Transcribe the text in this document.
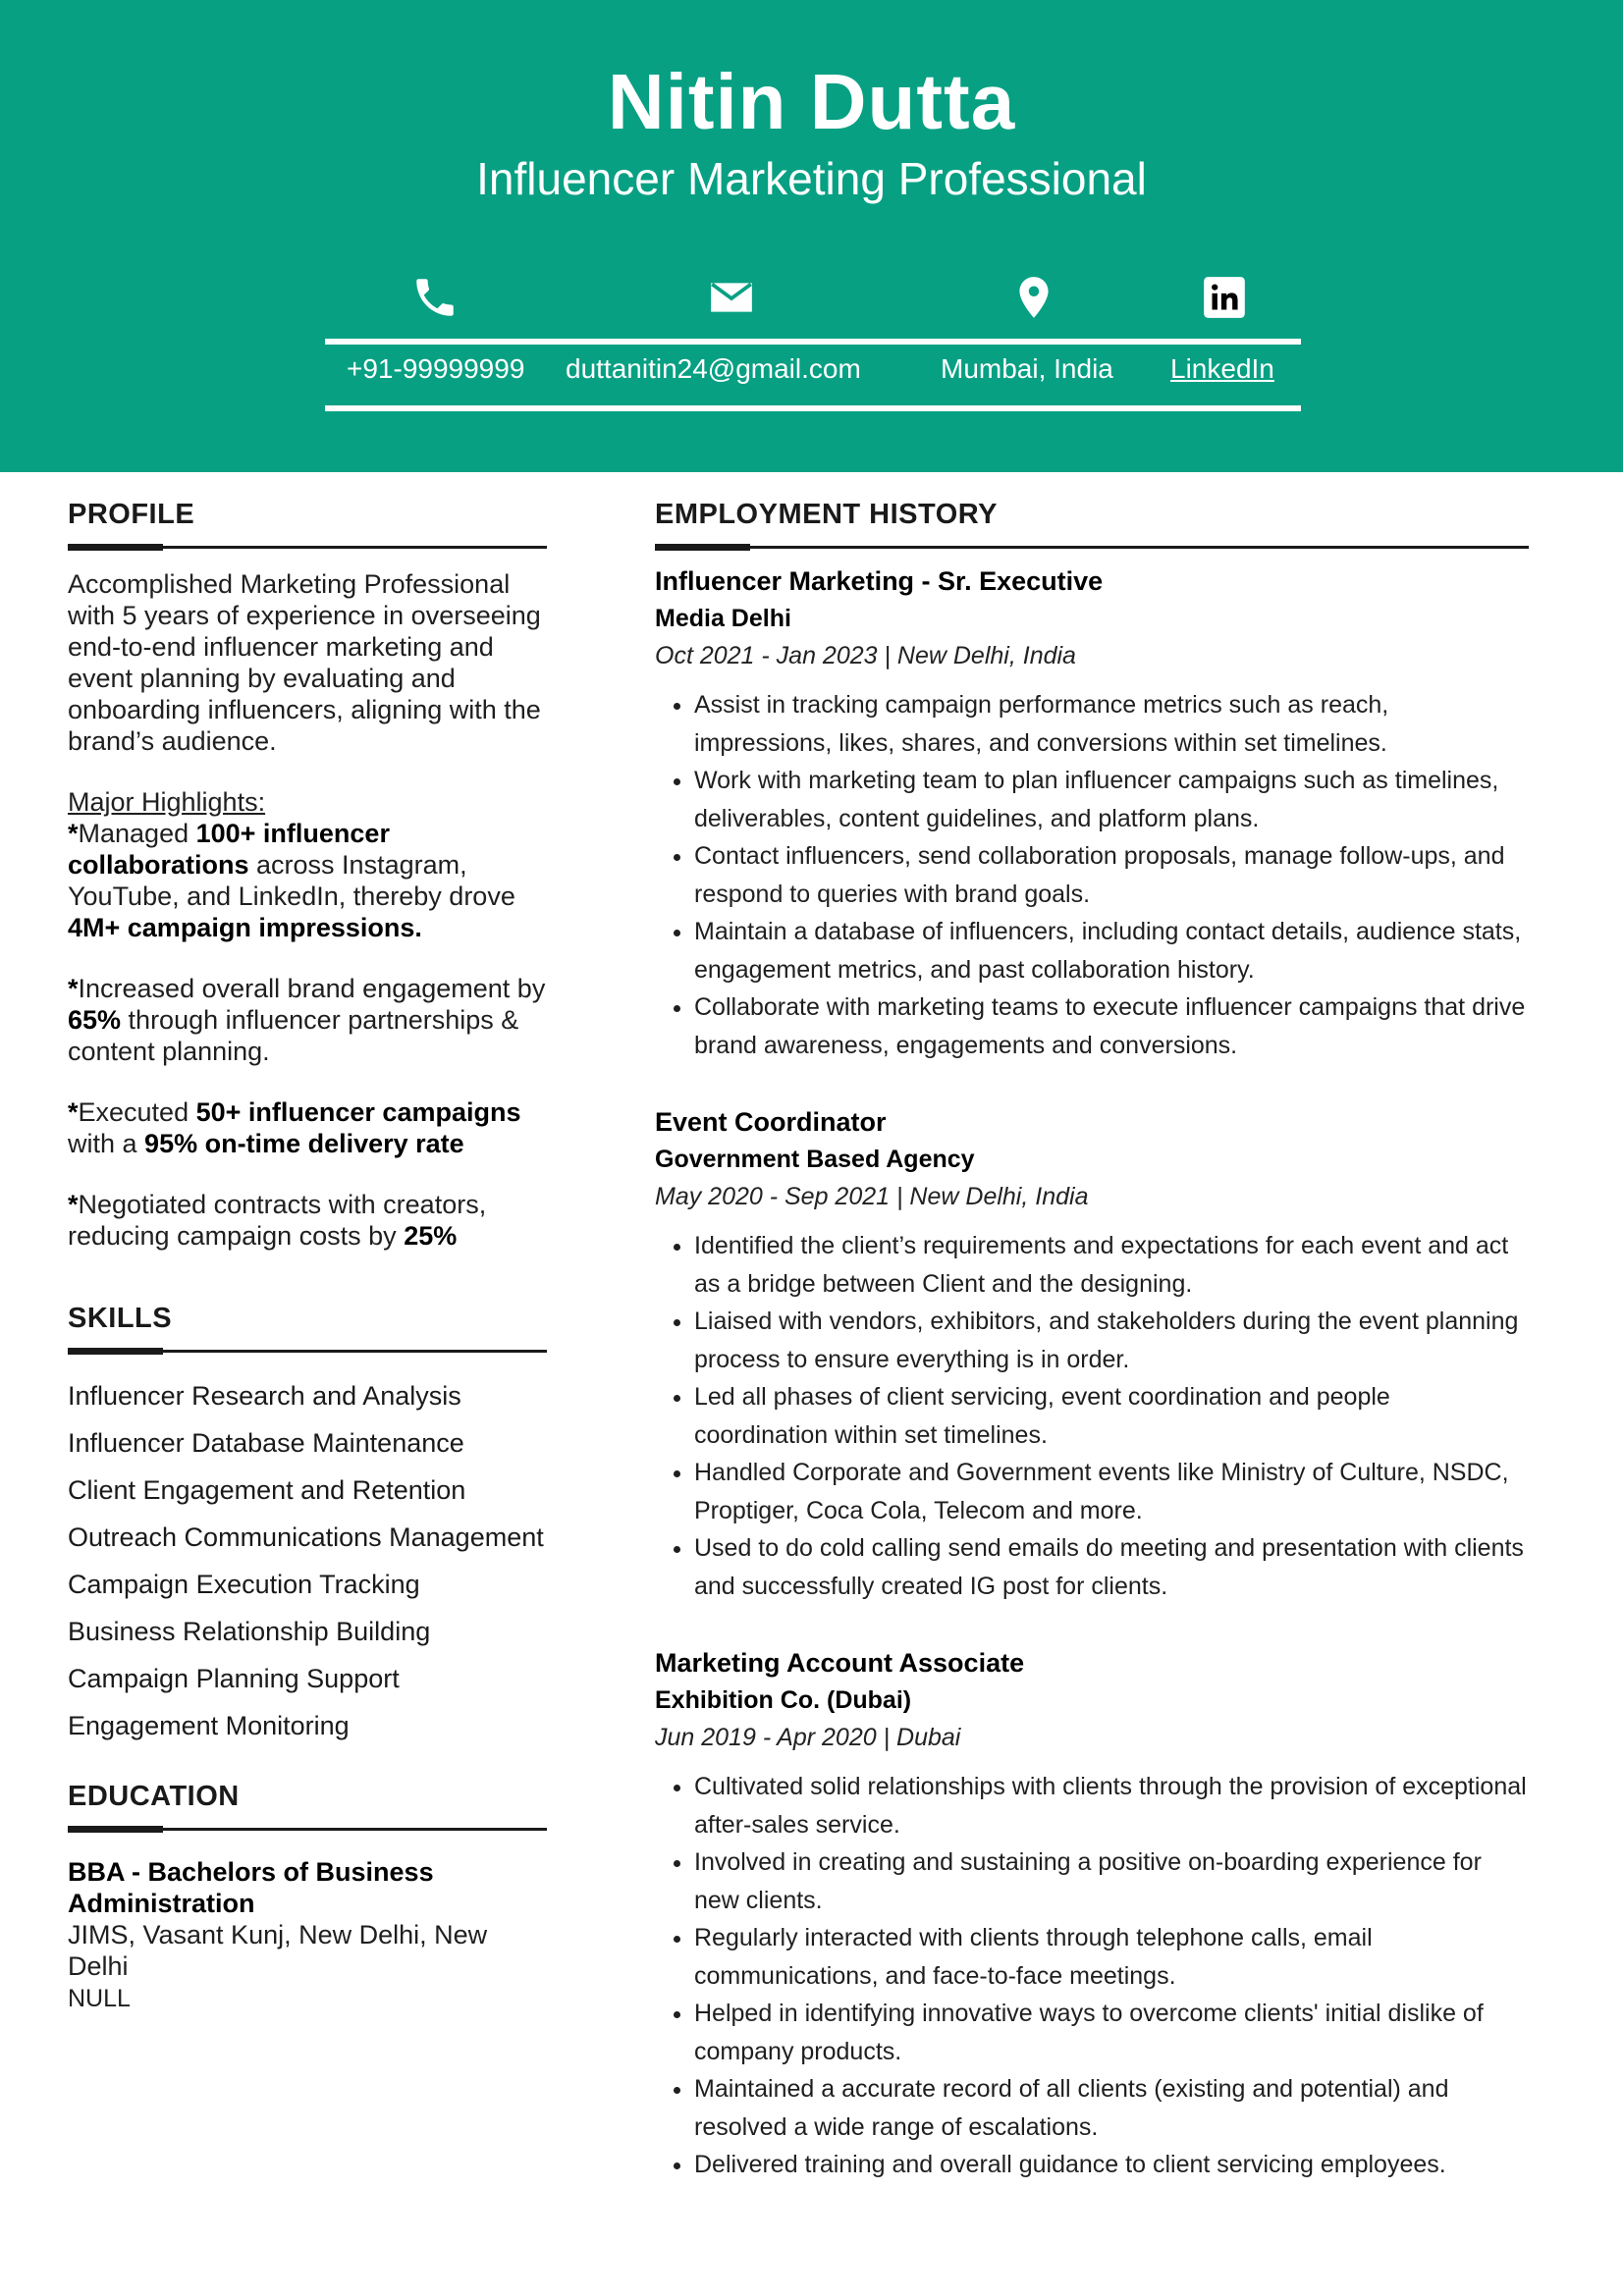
Nitin Dutta
Influencer Marketing Professional
+91-99999999 duttanitin24@gmail.com	Mumbai, India LinkedIn
PROFILE

Accomplished Marketing Professional with 5 years of experience in overseeing end-to-end influencer marketing and event planning by evaluating and onboarding influencers, aligning with the brand’s audience.

Major Highlights:

*Managed 100+ influencer collaborations across Instagram, YouTube, and LinkedIn, thereby drove 4M+ campaign impressions.

*Increased overall brand engagement by 65% through influencer partnerships & content planning.

*Executed 50+ influencer campaigns with a 95% on-time delivery rate

*Negotiated contracts with creators, reducing campaign costs by 25%

SKILLS
Influencer Research and Analysis
Influencer Database Maintenance
Client Engagement and Retention
Outreach Communications Management
Campaign Execution Tracking
Business Relationship Building
Campaign Planning Support
Engagement Monitoring
EDUCATION
BBA - Bachelors of Business Administration
JIMS, Vasant Kunj, New Delhi, New Delhi
NULL
EMPLOYMENT HISTORY
Influencer Marketing - Sr. Executive
Media Delhi
Oct 2021 - Jan 2023 | New Delhi, India
• Assist in tracking campaign performance metrics such as reach, impressions, likes, shares, and conversions within set timelines.
• Work with marketing team to plan influencer campaigns such as timelines, deliverables, content guidelines, and platform plans.
• Contact influencers, send collaboration proposals, manage follow-ups, and respond to queries with brand goals.
• Maintain a database of influencers, including contact details, audience stats, engagement metrics, and past collaboration history.
• Collaborate with marketing teams to execute influencer campaigns that drive brand awareness, engagements and conversions.
Event Coordinator
Government Based Agency
May 2020 - Sep 2021 | New Delhi, India
• Identified the client’s requirements and expectations for each event and act as a bridge between Client and the designing.
• Liaised with vendors, exhibitors, and stakeholders during the event planning process to ensure everything is in order.
• Led all phases of client servicing, event coordination and people coordination within set timelines.
• Handled Corporate and Government events like Ministry of Culture, NSDC, Proptiger, Coca Cola, Telecom and more.
• Used to do cold calling send emails do meeting and presentation with clients and successfully created IG post for clients.
Marketing Account Associate
Exhibition Co. (Dubai)
Jun 2019 - Apr 2020 | Dubai
• Cultivated solid relationships with clients through the provision of exceptional after-sales service.
• Involved in creating and sustaining a positive on-boarding experience for new clients.
• Regularly interacted with clients through telephone calls, email communications, and face-to-face meetings.
• Helped in identifying innovative ways to overcome clients' initial dislike of company products.
• Maintained a accurate record of all clients (existing and potential) and resolved a wide range of escalations.
• Delivered training and overall guidance to client servicing employees.
